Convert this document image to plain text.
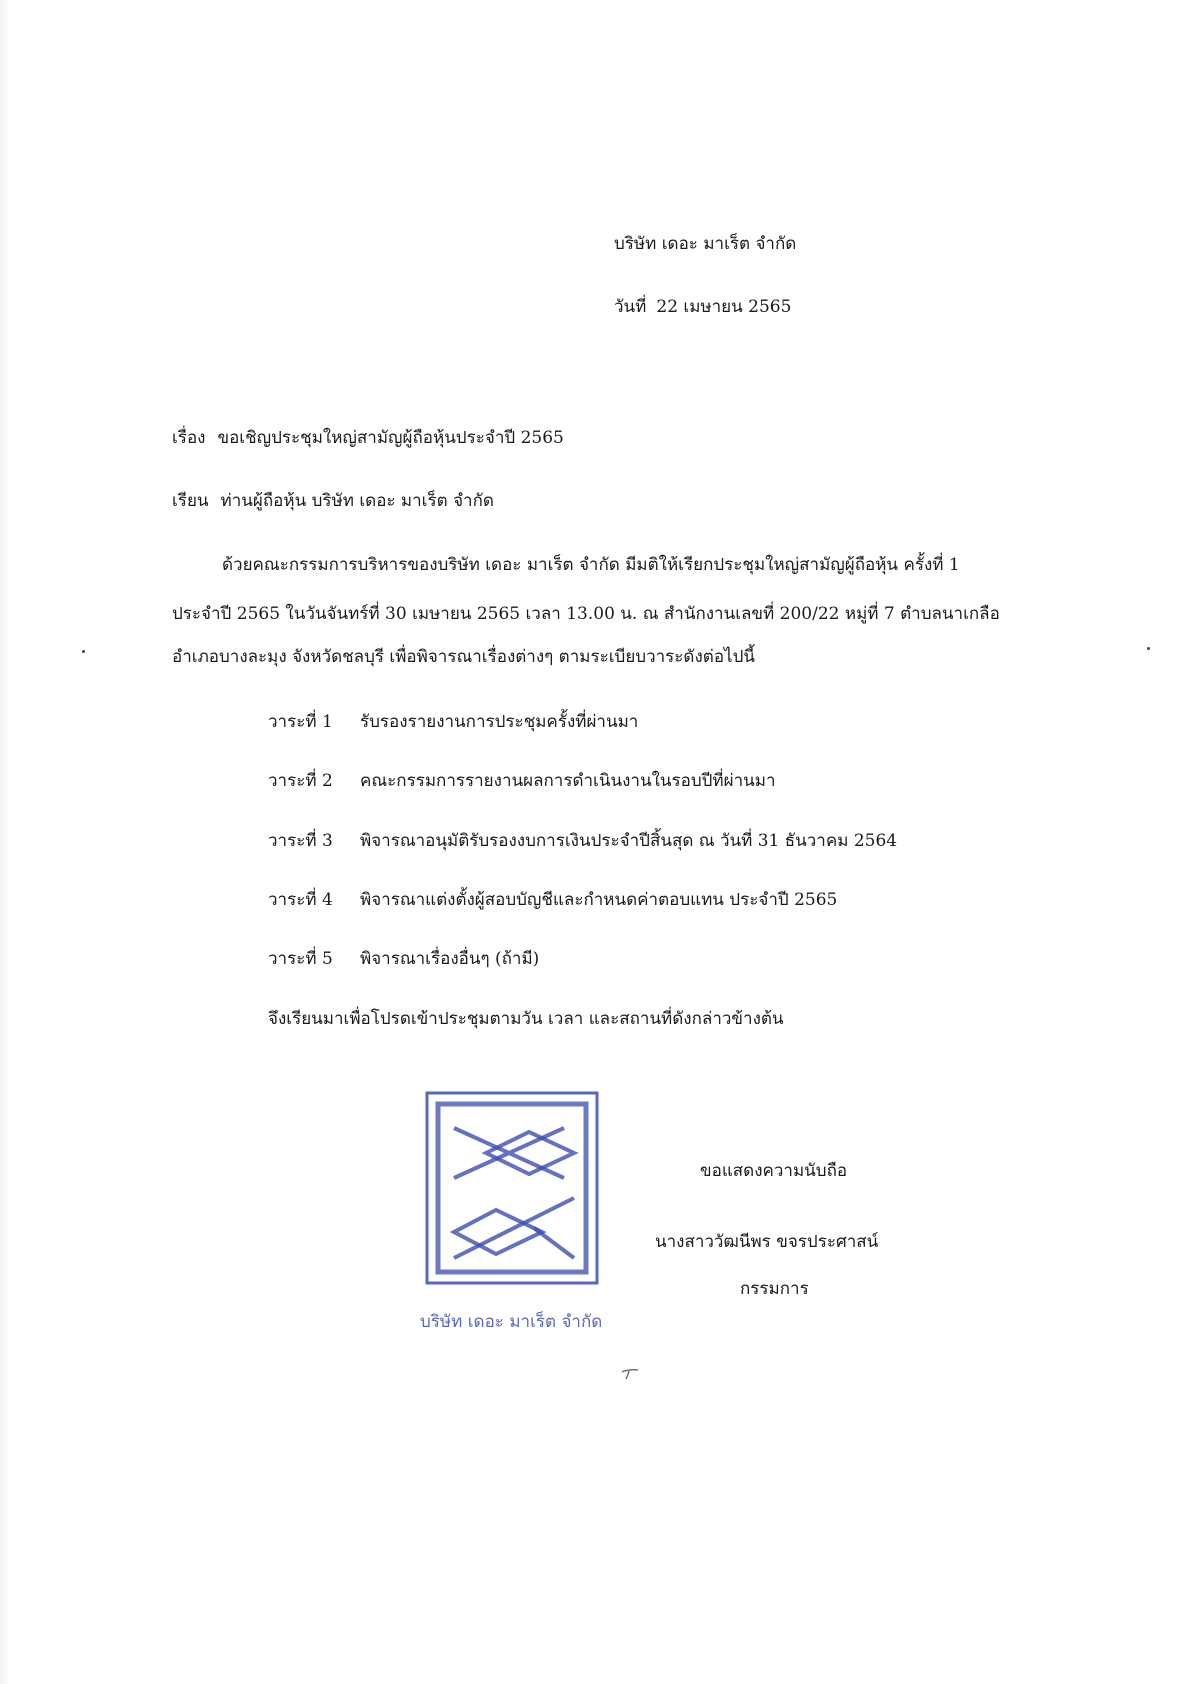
บริษัท เดอะ มาเร็ต จำกัด
วันที่ 22 เมษายน 2565
เรื่อง ขอเชิญประชุมใหญ่สามัญผู้ถือหุ้นประจำปี 2565
เรียน ท่านผู้ถือหุ้น บริษัท เดอะ มาเร็ต จำกัด
ด้วยคณะกรรมการบริหารของบริษัท เดอะ มาเร็ต จำกัด มีมติให้เรียกประชุมใหญ่สามัญผู้ถือหุ้น ครั้งที่ 1
ประจำปี 2565 ในวันจันทร์ที่ 30 เมษายน 2565 เวลา 13.00 น. ณ สำนักงานเลขที่ 200/22 หมู่ที่ 7 ตำบลนาเกลือ
อำเภอบางละมุง จังหวัดชลบุรี เพื่อพิจารณาเรื่องต่างๆ ตามระเบียบวาระดังต่อไปนี้
วาระที่ 1 รับรองรายงานการประชุมครั้งที่ผ่านมา
วาระที่ 2 คณะกรรมการรายงานผลการดำเนินงานในรอบปีที่ผ่านมา
วาระที่ 3 พิจารณาอนุมัติรับรองงบการเงินประจำปีสิ้นสุด ณ วันที่ 31 ธันวาคม 2564
วาระที่ 4 พิจารณาแต่งตั้งผู้สอบบัญชีและกำหนดค่าตอบแทน ประจำปี 2565
วาระที่ 5 พิจารณาเรื่องอื่นๆ (ถ้ามี)
จึงเรียนมาเพื่อโปรดเข้าประชุมตามวัน เวลา และสถานที่ดังกล่าวข้างต้น
บริษัท เดอะ มาเร็ต จำกัด
ขอแสดงความนับถือ
นางสาววัฒนีพร ขจรประศาสน์
กรรมการ
